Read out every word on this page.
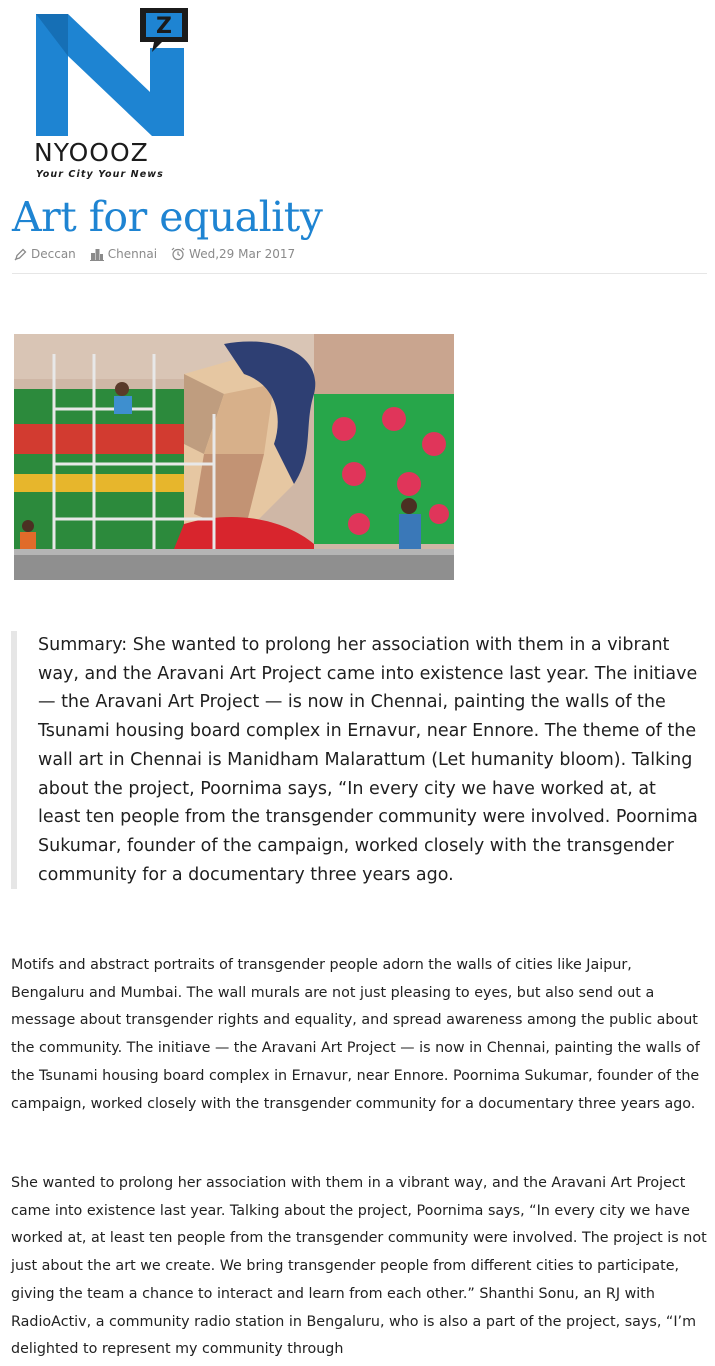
Z
NYOOOZ
Your City Your News
Art for equality
Deccan	Chennai	Wed,29 Mar 2017
Summary: She wanted to prolong her association with them in a vibrant way, and the Aravani Art Project came into existence last year. The initiave — the Aravani Art Project — is now in Chennai, painting the walls of the Tsunami housing board complex in Ernavur, near Ennore. The theme of the wall art in Chennai is Manidham Malarattum (Let humanity bloom). Talking about the project, Poornima says, “In every city we have worked at, at least ten people from the transgender community were involved. Poornima Sukumar, founder of the campaign, worked closely with the transgender community for a documentary three years ago.

Motifs and abstract portraits of transgender people adorn the walls of cities like Jaipur, Bengaluru and Mumbai. The wall murals are not just pleasing to eyes, but also send out a message about transgender rights and equality, and spread awareness among the public about the community. The initiave — the Aravani Art Project — is now in Chennai, painting the walls of the Tsunami housing board complex in Ernavur, near Ennore. Poornima Sukumar, founder of the campaign, worked closely with the transgender community for a documentary three years ago.

She wanted to prolong her association with them in a vibrant way, and the Aravani Art Project came into existence last year. Talking about the project, Poornima says, “In every city we have worked at, at least ten people from the transgender community were involved. The project is not just about the art we create. We bring transgender people from different cities to participate, giving the team a chance to interact and learn from each other.” Shanthi Sonu, an RJ with RadioActiv, a community radio station in Bengaluru, who is also a part of the project, says, “I’m delighted to represent my community through
